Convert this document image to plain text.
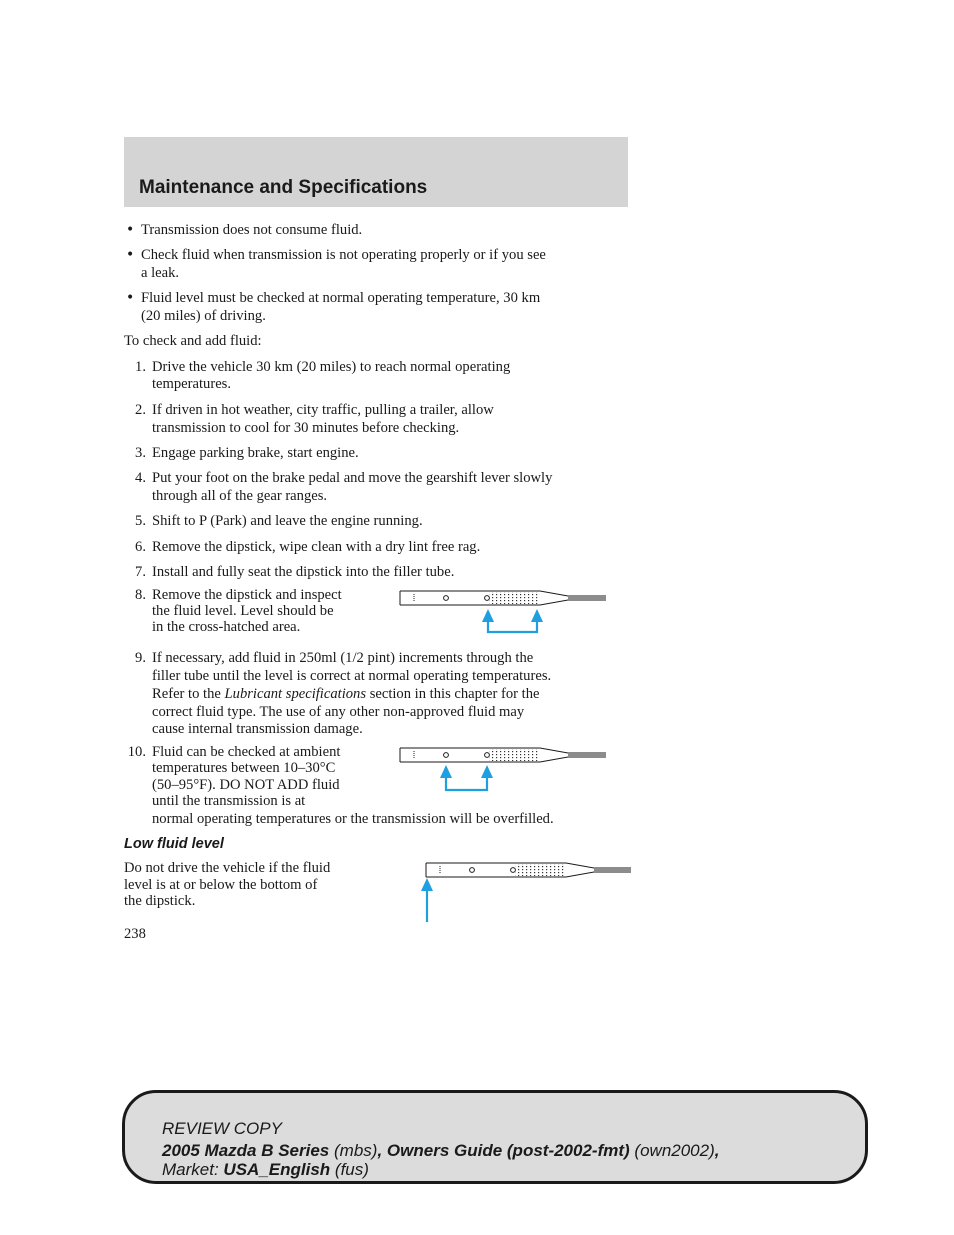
Maintenance and Specifications
• Transmission does not consume fluid.
• Check fluid when transmission is not operating properly or if you see
a leak.
• Fluid level must be checked at normal operating temperature, 30 km
(20 miles) of driving.
To check and add fluid:
1. Drive the vehicle 30 km (20 miles) to reach normal operating
temperatures.
2. If driven in hot weather, city traffic, pulling a trailer, allow
transmission to cool for 30 minutes before checking.
3. Engage parking brake, start engine.
4. Put your foot on the brake pedal and move the gearshift lever slowly
through all of the gear ranges.
5. Shift to P (Park) and leave the engine running.
6. Remove the dipstick, wipe clean with a dry lint free rag.
7. Install and fully seat the dipstick into the filler tube.
8. Remove the dipstick and inspect
the fluid level. Level should be
in the cross-hatched area.
9. If necessary, add fluid in 250ml (1/2 pint) increments through the
filler tube until the level is correct at normal operating temperatures.
Refer to the Lubricant specifications section in this chapter for the
correct fluid type. The use of any other non-approved fluid may
cause internal transmission damage.
10. Fluid can be checked at ambient
temperatures between 10–30°C
(50–95°F). DO NOT ADD fluid
until the transmission is at
normal operating temperatures or the transmission will be overfilled.
Low fluid level
Do not drive the vehicle if the fluid
level is at or below the bottom of
the dipstick.
238
REVIEW COPY
2005 Mazda B Series (mbs), Owners Guide (post-2002-fmt) (own2002),
Market: USA_English (fus)
